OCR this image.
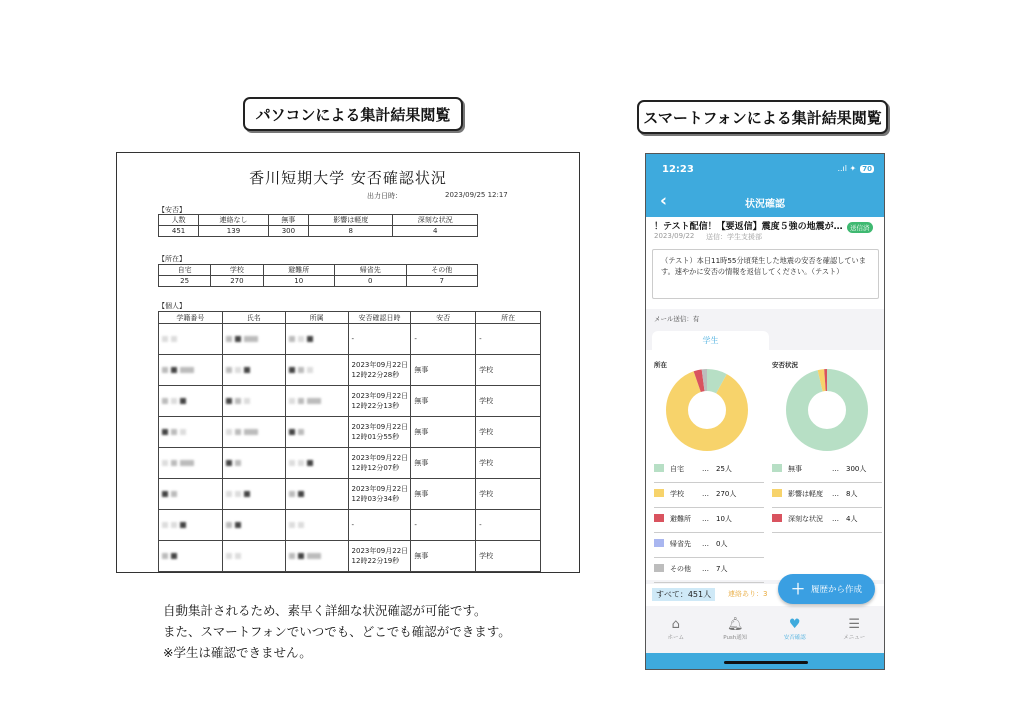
パソコンによる集計結果閲覧	スマートフォンによる集計結果閲覧
香川短期大学 安否確認状況
出力日時：	2023/09/25 12:17
【安否】
人数	連絡なし	無事	影響は軽度	深刻な状況
451	139	300	8	4
【所在】
自宅	学校	避難所	帰省先	その他
25	270	10	0	7
【個人】
学籍番号	氏名	所属	安否確認日時	安否	所在

			-	-	-

			2023年09月22日
12時22分28秒	無事	学校

			2023年09月22日
12時22分13秒	無事	学校

			2023年09月22日
12時01分55秒	無事	学校

			2023年09月22日
12時12分07秒	無事	学校

			2023年09月22日
12時03分34秒	無事	学校

			-	-	-

			2023年09月22日
12時22分19秒	無事	学校
自動集計されるため、素早く詳細な状況確認が可能です。
また、スマートフォンでいつでも、どこでも確認ができます。
※学生は確認できません。
12:23	..ıl ✦ 70
‹	状況確認
！テスト配信！【要返信】震度５強の地震が…
2023/09/22 送信：学生支援部
送信済
（テスト）本日11時55分頃発生した地震の安否を確認しています。速やかに安否の情報を返信してください。（テスト）
メール送信：有
学生
所在	安否状況
自宅	…　25人
学校	…　270人
避難所 …　10人
帰省先 …　0人
その他 …　7人
無事	…　300人
影響は軽度 …　8人
深刻な状況 …　4人
すべて：451人	連絡あり：3 ＋ 履歴から作成
⌂
ホーム
🔔︎
Push通知
♥
安否確認
☰
メニュー
